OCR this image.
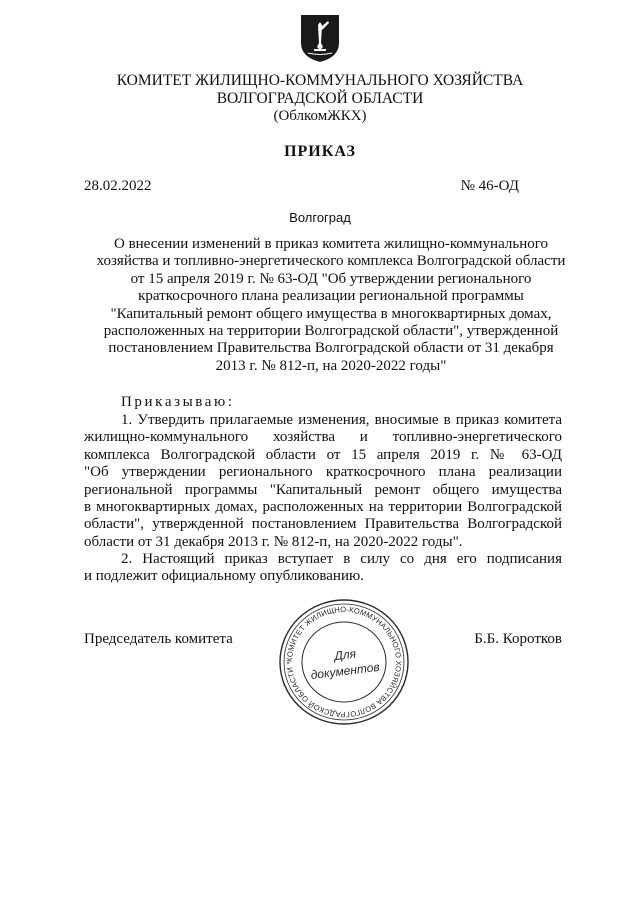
КОМИТЕТ ЖИЛИЩНО-КОММУНАЛЬНОГО ХОЗЯЙСТВА
ВОЛГОГРАДСКОЙ ОБЛАСТИ
(ОблкомЖКХ)
ПРИКАЗ
28.02.2022	№ 46-ОД
Волгоград
О внесении изменений в приказ комитета жилищно-коммунального
хозяйства и топливно-энергетического комплекса Волгоградской области
от 15 апреля 2019 г. № 63-ОД "Об утверждении регионального
краткосрочного плана реализации региональной программы
"Капитальный ремонт общего имущества в многоквартирных домах,
расположенных на территории Волгоградской области", утвержденной
постановлением Правительства Волгоградской области от 31 декабря
2013 г. № 812-п, на 2020-2022 годы"
Приказываю:
1. Утвердить прилагаемые изменения, вносимые в приказ комитета
жилищно-коммунального хозяйства и топливно-энергетического
комплекса Волгоградской области от 15 апреля 2019 г. № 63-ОД
"Об утверждении регионального краткосрочного плана реализации
региональной программы "Капитальный ремонт общего имущества
в многоквартирных домах, расположенных на территории Волгоградской
области", утвержденной постановлением Правительства Волгоградской
области от 31 декабря 2013 г. № 812-п, на 2020-2022 годы".
2. Настоящий приказ вступает в силу со дня его подписания
и подлежит официальному опубликованию.
Председатель комитета	Б.Б. Коротков
КОМИТЕТ ЖИЛИЩНО-КОММУНАЛЬНОГО ХОЗЯЙСТВА ВОЛГОГРАДСКОЙ ОБЛАСТИ *	Для
документов
